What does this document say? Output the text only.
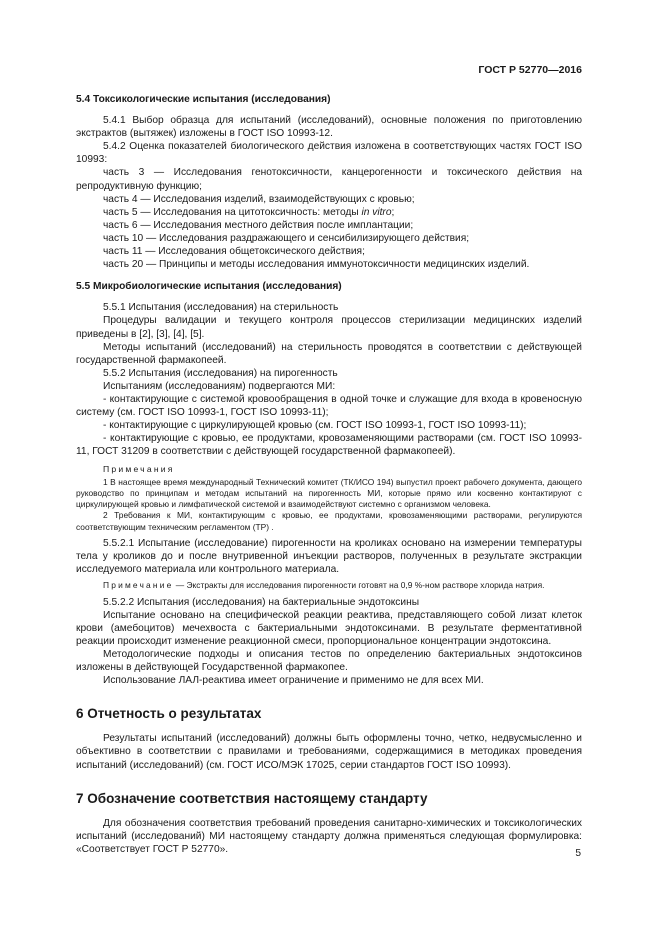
ГОСТ Р 52770—2016

5.4 Токсикологические испытания (исследования)

5.4.1 Выбор образца для испытаний (исследований), основные положения по приготовлению экстрактов (вытяжек) изложены в ГОСТ ISO 10993-12.

5.4.2 Оценка показателей биологического действия изложена в соответствующих частях ГОСТ ISO 10993:

часть 3 — Исследования генотоксичности, канцерогенности и токсического действия на репродуктивную функцию;

часть 4 — Исследования изделий, взаимодействующих с кровью;

часть 5 — Исследования на цитотоксичность: методы in vitro;

часть 6 — Исследования местного действия после имплантации;

часть 10 — Исследования раздражающего и сенсибилизирующего действия;

часть 11 — Исследования общетоксического действия;

часть 20 — Принципы и методы исследования иммунотоксичности медицинских изделий.

5.5 Микробиологические испытания (исследования)

5.5.1 Испытания (исследования) на стерильность

Процедуры валидации и текущего контроля процессов стерилизации медицинских изделий приведены в [2], [3], [4], [5].

Методы испытаний (исследований) на стерильность проводятся в соответствии с действующей государственной фармакопеей.

5.5.2 Испытания (исследования) на пирогенность

Испытаниям (исследованиям) подвергаются МИ:

- контактирующие с системой кровообращения в одной точке и служащие для входа в кровеносную систему (см. ГОСТ ISO 10993-1, ГОСТ ISO 10993-11);

- контактирующие с циркулирующей кровью (см. ГОСТ ISO 10993-1, ГОСТ ISO 10993-11);

- контактирующие с кровью, ее продуктами, кровозаменяющими растворами (см. ГОСТ ISO 10993-11, ГОСТ 31209 в соответствии с действующей государственной фармакопеей).

Примечания

1 В настоящее время международный Технический комитет (ТК/ИСО 194) выпустил проект рабочего документа, дающего руководство по принципам и методам испытаний на пирогенность МИ, которые прямо или косвенно контактируют с циркулирующей кровью и лимфатической системой и взаимодействуют системно с организмом человека.

2 Требования к МИ, контактирующим с кровью, ее продуктами, кровозаменяющими растворами, регулируются соответствующим техническим регламентом (ТР) .

5.5.2.1 Испытание (исследование) пирогенности на кроликах основано на измерении температуры тела у кроликов до и после внутривенной инъекции растворов, полученных в результате экстракции исследуемого материала или контрольного материала.

Примечание — Экстракты для исследования пирогенности готовят на 0,9 %-ном растворе хлорида натрия.

5.5.2.2 Испытания (исследования) на бактериальные эндотоксины

Испытание основано на специфической реакции реактива, представляющего собой лизат клеток крови (амебоцитов) мечехвоста с бактериальными эндотоксинами. В результате ферментативной реакции происходит изменение реакционной смеси, пропорциональное концентрации эндотоксина.

Методологические подходы и описания тестов по определению бактериальных эндотоксинов изложены в действующей Государственной фармакопее.

Использование ЛАЛ-реактива имеет ограничение и применимо не для всех МИ.

6 Отчетность о результатах

Результаты испытаний (исследований) должны быть оформлены точно, четко, недвусмысленно и объективно в соответствии с правилами и требованиями, содержащимися в методиках проведения испытаний (исследований) (см. ГОСТ ИСО/МЭК 17025, серии стандартов ГОСТ ISO 10993).

7 Обозначение соответствия настоящему стандарту

Для обозначения соответствия требований проведения санитарно-химических и токсикологических испытаний (исследований) МИ настоящему стандарту должна применяться следующая формулировка: «Соответствует ГОСТ Р 52770».	5
